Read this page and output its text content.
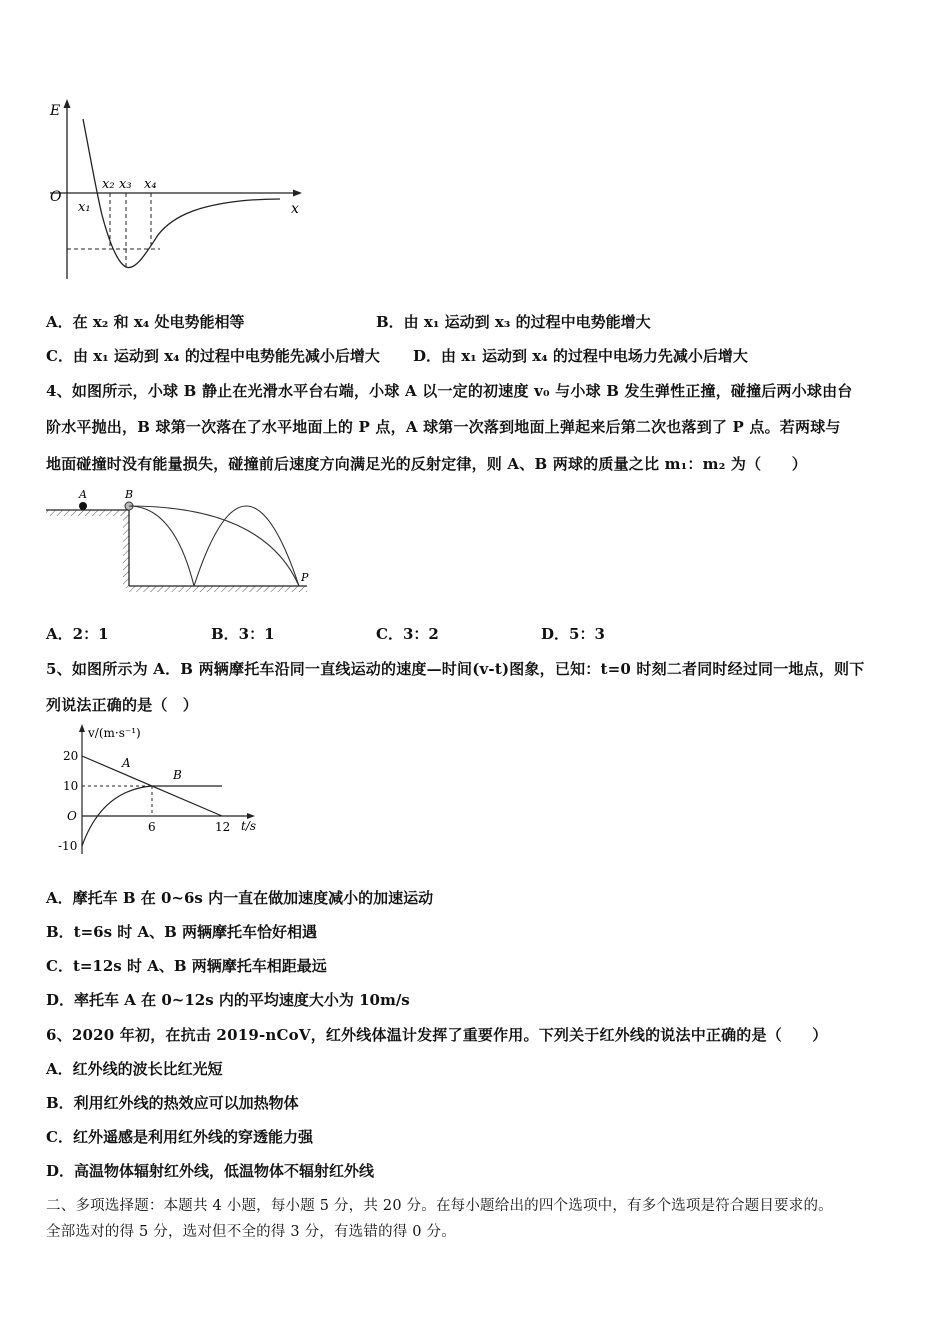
E
O
x
x₁
x₂ x₃ x₄
A．在 x₂ 和 x₄ 处电势能相等	B．由 x₁ 运动到 x₃ 的过程中电势能增大
C．由 x₁ 运动到 x₄ 的过程中电势能先减小后增大 D．由 x₁ 运动到 x₄ 的过程中电场力先减小后增大
4、如图所示，小球 B 静止在光滑水平台右端，小球 A 以一定的初速度 v₀ 与小球 B 发生弹性正撞，碰撞后两小球由台
阶水平抛出，B 球第一次落在了水平地面上的 P 点，A 球第一次落到地面上弹起来后第二次也落到了 P 点。若两球与
地面碰撞时没有能量损失，碰撞前后速度方向满足光的反射定律，则 A、B 两球的质量之比 m₁：m₂ 为（　　）
A	B
P
A．2：1	B．3：1	C．3：2	D．5：3
5、如图所示为 A．B 两辆摩托车沿同一直线运动的速度—时间(v-t)图象，已知：t=0 时刻二者同时经过同一地点，则下
列说法正确的是（　）
v/(m·s⁻¹)
t/s
O
20
10
-10
6	12
A
B
A．摩托车 B 在 0~6s 内一直在做加速度减小的加速运动
B．t=6s 时 A、B 两辆摩托车恰好相遇
C．t=12s 时 A、B 两辆摩托车相距最远
D．率托车 A 在 0~12s 内的平均速度大小为 10m/s
6、2020 年初，在抗击 2019-nCoV，红外线体温计发挥了重要作用。下列关于红外线的说法中正确的是（　　）
A．红外线的波长比红光短
B．利用红外线的热效应可以加热物体
C．红外遥感是利用红外线的穿透能力强
D．高温物体辐射红外线，低温物体不辐射红外线
二、多项选择题：本题共 4 小题，每小题 5 分，共 20 分。在每小题给出的四个选项中，有多个选项是符合题目要求的。
全部选对的得 5 分，选对但不全的得 3 分，有选错的得 0 分。
